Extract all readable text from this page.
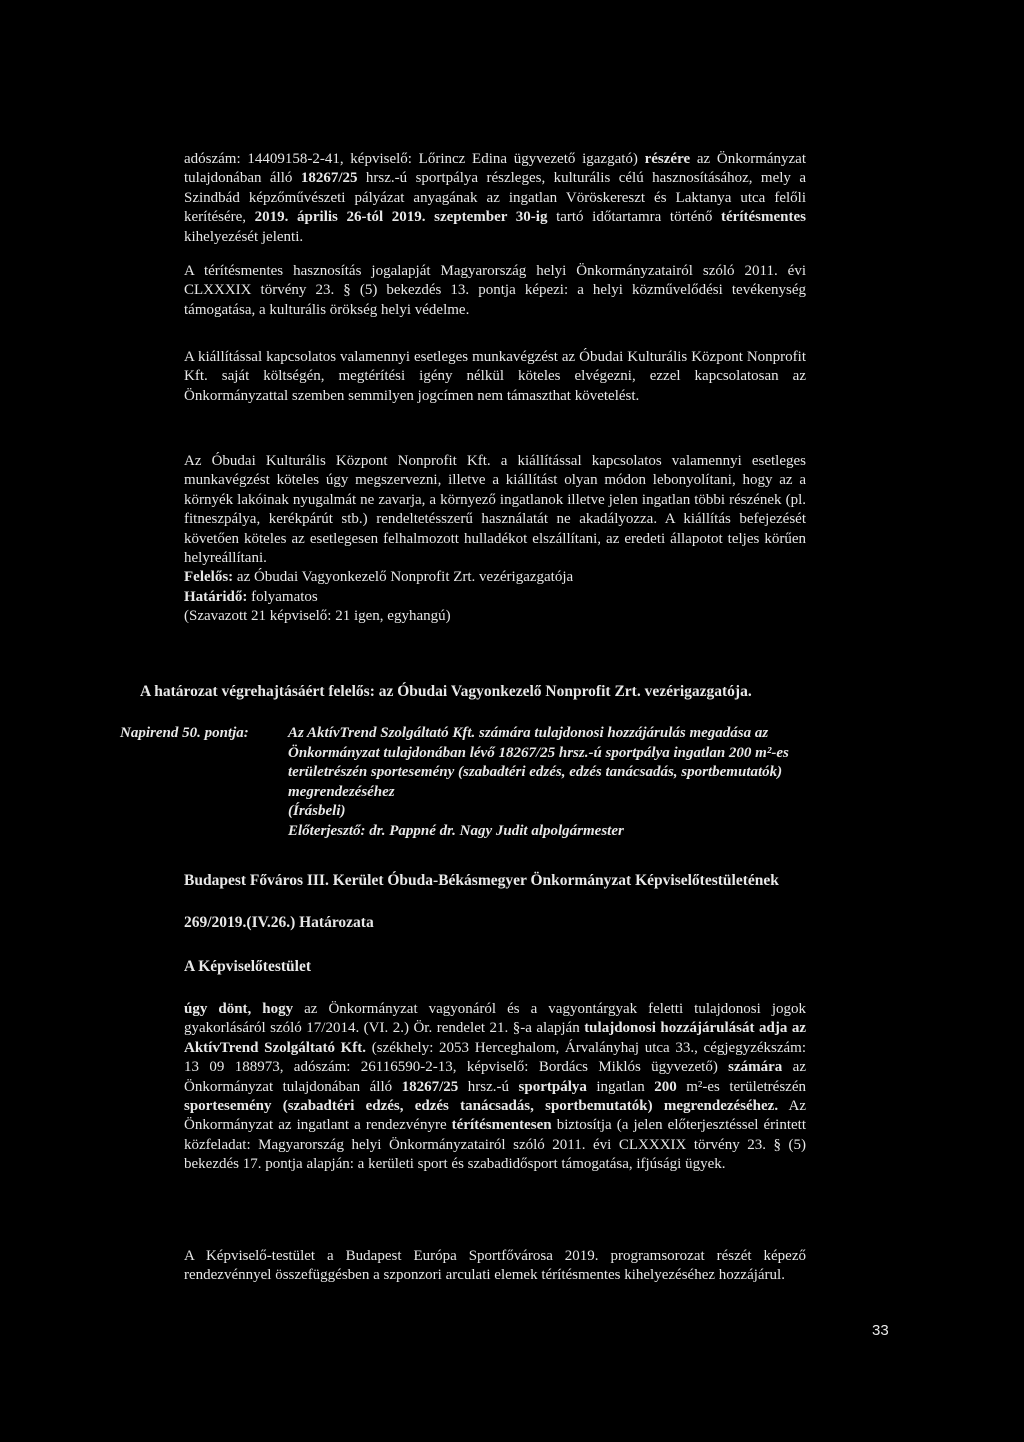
adószám: 14409158-2-41, képviselő: Lőrincz Edina ügyvezető igazgató) részére az Önkormányzat tulajdonában álló 18267/25 hrsz.-ú sportpálya részleges, kulturális célú hasznosításához, mely a Szindbád képzőművészeti pályázat anyagának az ingatlan Vöröskereszt és Laktanya utca felőli kerítésére, 2019. április 26-tól 2019. szeptember 30-ig tartó időtartamra történő térítésmentes kihelyezését jelenti.

A térítésmentes hasznosítás jogalapját Magyarország helyi Önkormányzatairól szóló 2011. évi CLXXXIX törvény 23. § (5) bekezdés 13. pontja képezi: a helyi közművelődési tevékenység támogatása, a kulturális örökség helyi védelme.

A kiállítással kapcsolatos valamennyi esetleges munkavégzést az Óbudai Kulturális Központ Nonprofit Kft. saját költségén, megtérítési igény nélkül köteles elvégezni, ezzel kapcsolatosan az Önkormányzattal szemben semmilyen jogcímen nem támaszthat követelést.

Az Óbudai Kulturális Központ Nonprofit Kft. a kiállítással kapcsolatos valamennyi esetleges munkavégzést köteles úgy megszervezni, illetve a kiállítást olyan módon lebonyolítani, hogy az a környék lakóinak nyugalmát ne zavarja, a környező ingatlanok illetve jelen ingatlan többi részének (pl. fitneszpálya, kerékpárút stb.) rendeltetésszerű használatát ne akadályozza. A kiállítás befejezését követően köteles az esetlegesen felhalmozott hulladékot elszállítani, az eredeti állapotot teljes körűen helyreállítani.

Felelős: az Óbudai Vagyonkezelő Nonprofit Zrt. vezérigazgatója

Határidő: folyamatos

(Szavazott 21 képviselő: 21 igen, egyhangú)

A határozat végrehajtásáért felelős: az Óbudai Vagyonkezelő Nonprofit Zrt. vezérigazgatója.
Napirend 50. pontja:	Az AktívTrend Szolgáltató Kft. számára tulajdonosi hozzájárulás megadása az Önkormányzat tulajdonában lévő 18267/25 hrsz.-ú sportpálya ingatlan 200 m²-es területrészén sportesemény (szabadtéri edzés, edzés tanácsadás, sportbemutatók) megrendezéséhez
(Írásbeli)
Előterjesztő: dr. Pappné dr. Nagy Judit alpolgármester
Budapest Főváros III. Kerület Óbuda-Békásmegyer Önkormányzat Képviselőtestületének
269/2019.(IV.26.) Határozata
A Képviselőtestület

úgy dönt, hogy az Önkormányzat vagyonáról és a vagyontárgyak feletti tulajdonosi jogok gyakorlásáról szóló 17/2014. (VI. 2.) Ör. rendelet 21. §-a alapján tulajdonosi hozzájárulását adja az AktívTrend Szolgáltató Kft. (székhely: 2053 Herceghalom, Árvalányhaj utca 33., cégjegyzékszám: 13 09 188973, adószám: 26116590-2-13, képviselő: Bordács Miklós ügyvezető) számára az Önkormányzat tulajdonában álló 18267/25 hrsz.-ú sportpálya ingatlan 200 m²-es területrészén sportesemény (szabadtéri edzés, edzés tanácsadás, sportbemutatók) megrendezéséhez. Az Önkormányzat az ingatlant a rendezvényre térítésmentesen biztosítja (a jelen előterjesztéssel érintett közfeladat: Magyarország helyi Önkormányzatairól szóló 2011. évi CLXXXIX törvény 23. § (5) bekezdés 17. pontja alapján: a kerületi sport és szabadidősport támogatása, ifjúsági ügyek.

A Képviselő-testület a Budapest Európa Sportfővárosa 2019. programsorozat részét képező rendezvénnyel összefüggésben a szponzori arculati elemek térítésmentes kihelyezéséhez hozzájárul.

33
